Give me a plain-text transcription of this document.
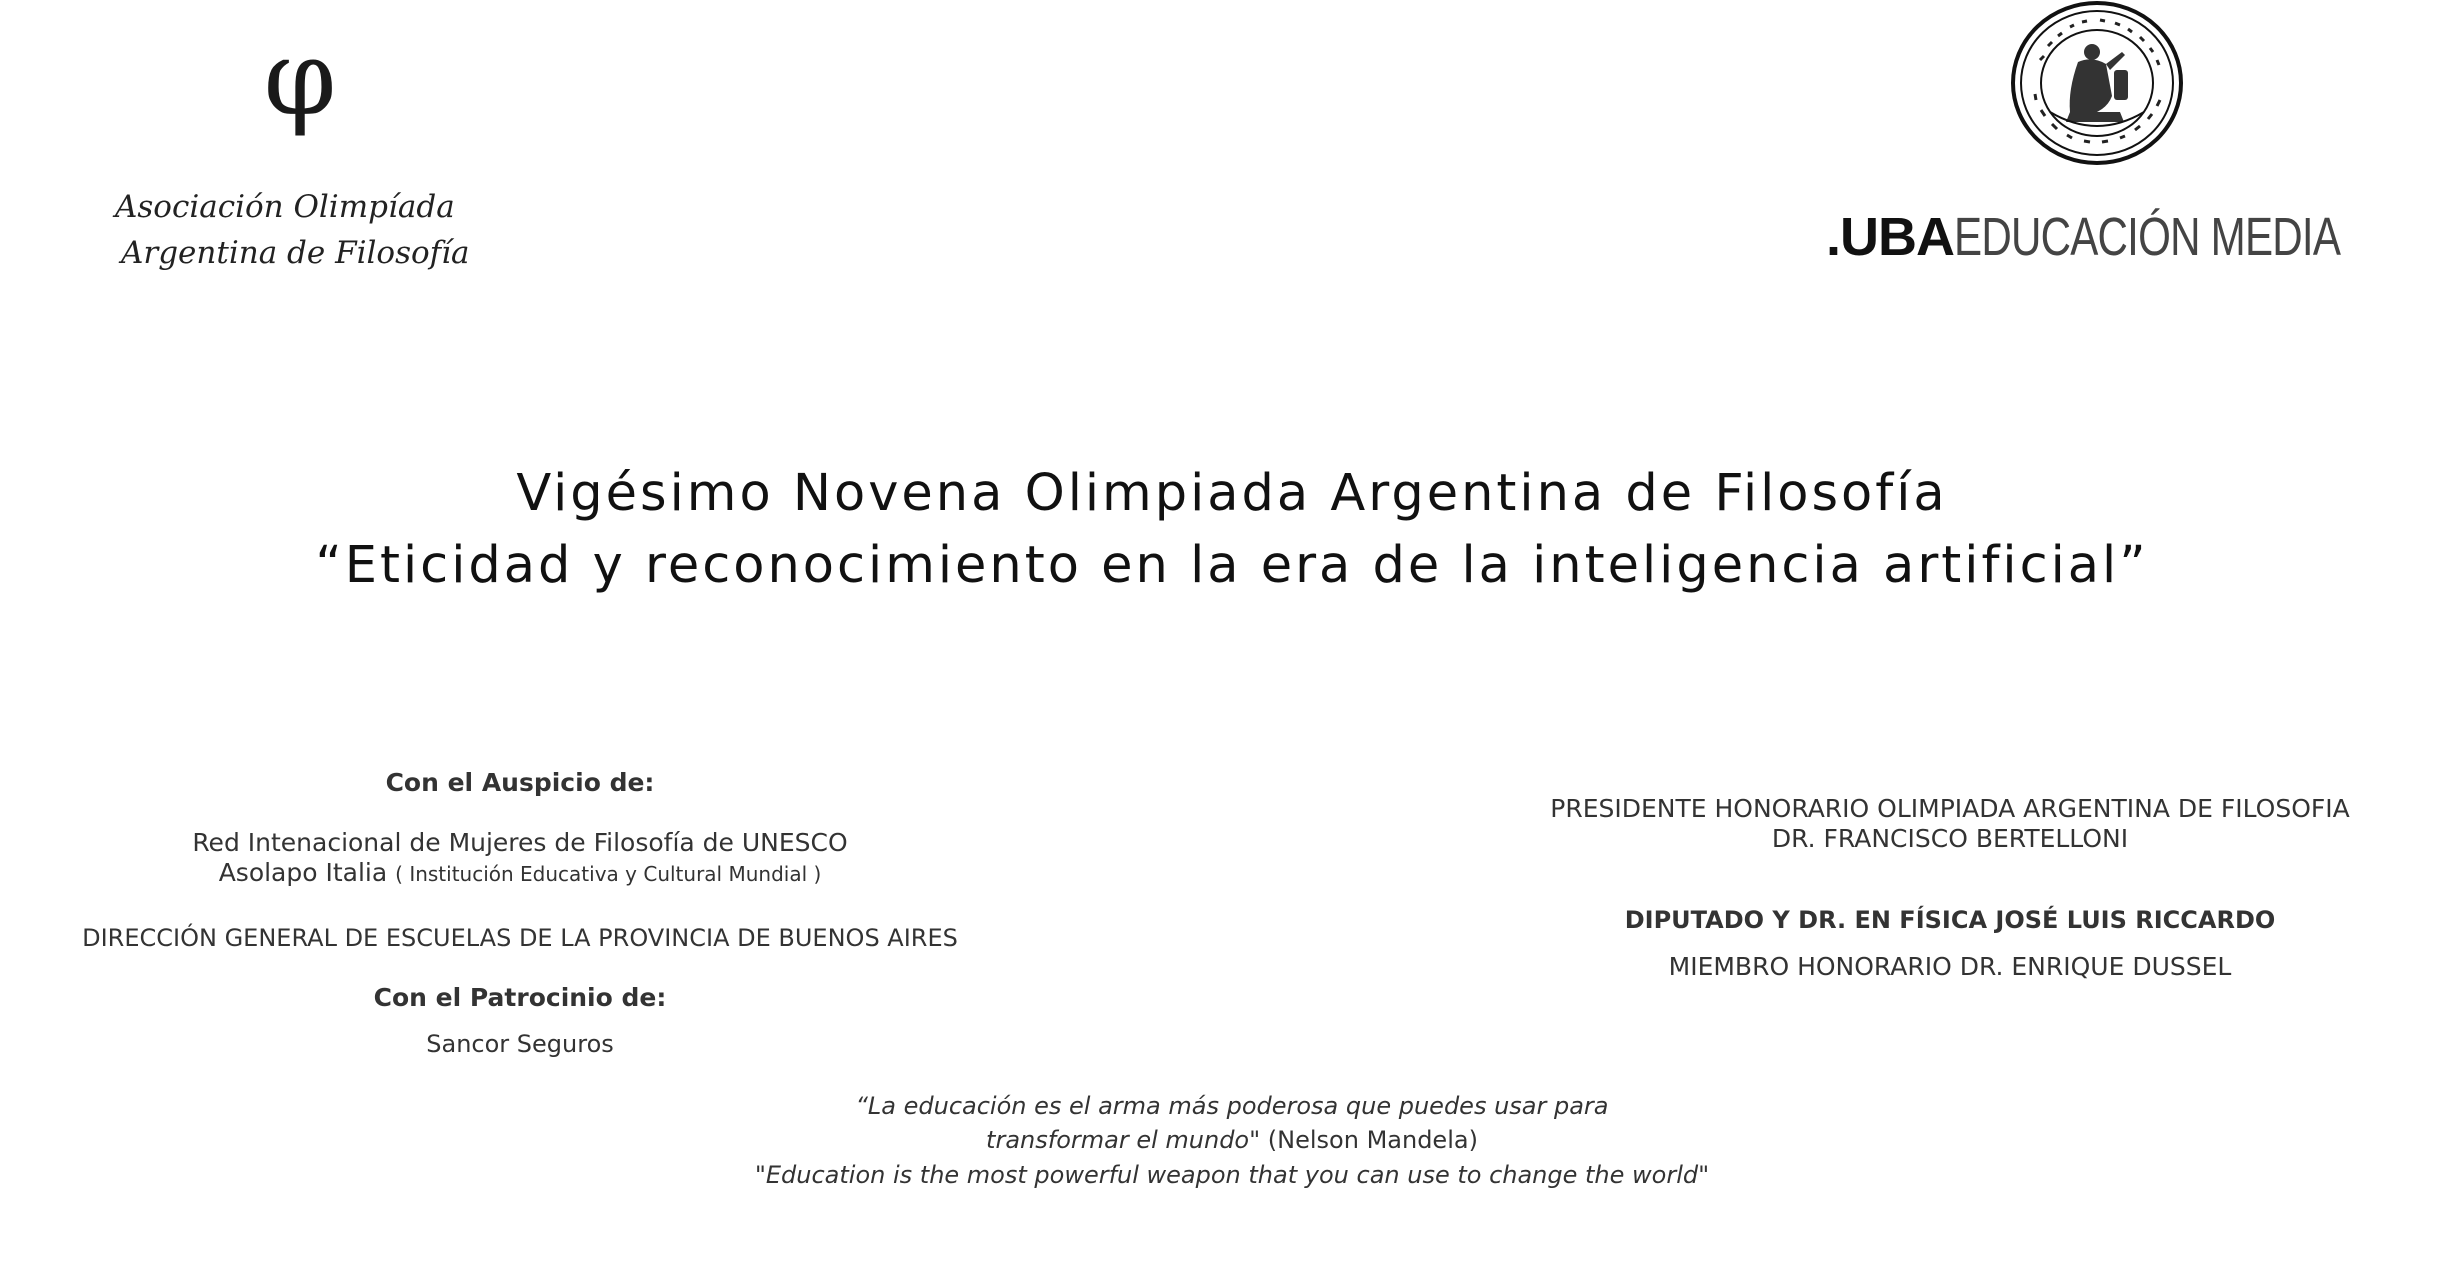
φ
Asociación Olimpíada
Argentina de Filosofía	.UBAEDUCACIÓN MEDIA
Vigésimo Novena Olimpiada Argentina de Filosofía
“Eticidad y reconocimiento en la era de la inteligencia artificial”
Con el Auspicio de:
Red Intenacional de Mujeres de Filosofía de UNESCO
Asolapo Italia ( Institución Educativa y Cultural Mundial )
DIRECCIÓN GENERAL DE ESCUELAS DE LA PROVINCIA DE BUENOS AIRES
Con el Patrocinio de:
Sancor Seguros
PRESIDENTE HONORARIO OLIMPIADA ARGENTINA DE FILOSOFIA
DR. FRANCISCO BERTELLONI
DIPUTADO Y DR. EN FÍSICA JOSÉ LUIS RICCARDO
MIEMBRO HONORARIO DR. ENRIQUE DUSSEL
“La educación es el arma más poderosa que puedes usar para
transformar el mundo" (Nelson Mandela)
"Education is the most powerful weapon that you can use to change the world"
